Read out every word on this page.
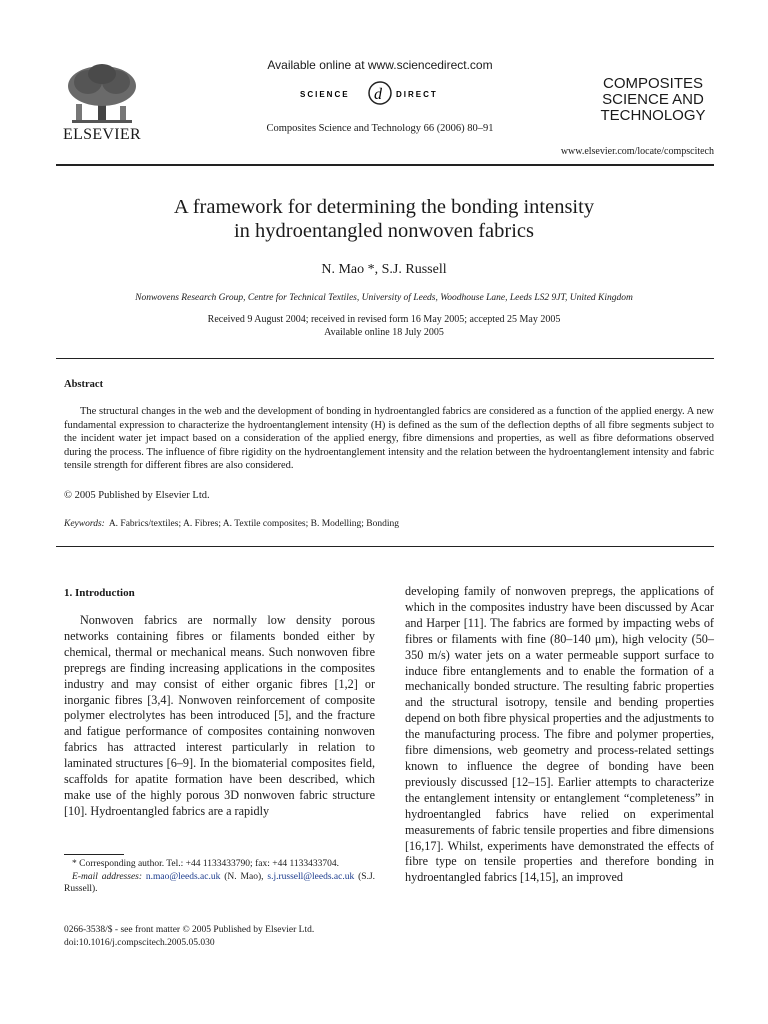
ELSEVIER
Available online at www.sciencedirect.com
SCIENCE d DIRECT
Composites Science and Technology 66 (2006) 80–91
COMPOSITES
SCIENCE AND
TECHNOLOGY
www.elsevier.com/locate/compscitech
A framework for determining the bonding intensity
in hydroentangled nonwoven fabrics
N. Mao *, S.J. Russell
Nonwovens Research Group, Centre for Technical Textiles, University of Leeds, Woodhouse Lane, Leeds LS2 9JT, United Kingdom
Received 9 August 2004; received in revised form 16 May 2005; accepted 25 May 2005
Available online 18 July 2005
Abstract

The structural changes in the web and the development of bonding in hydroentangled fabrics are considered as a function of the applied energy. A new fundamental expression to characterize the hydroentanglement intensity (H) is defined as the sum of the deflection depths of all fibre segments subject to the incident water jet impact based on a consideration of the applied energy, fibre dimensions and properties, as well as fibre deformations observed during the process. The influence of fibre rigidity on the hydroentanglement intensity and the relation between the hydroentanglement intensity and fabric tensile strength for different fibres are also considered.

© 2005 Published by Elsevier Ltd.
Keywords: A. Fabrics/textiles; A. Fibres; A. Textile composites; B. Modelling; Bonding
1. Introduction

Nonwoven fabrics are normally low density porous networks containing fibres or filaments bonded either by chemical, thermal or mechanical means. Such nonwoven fibre prepregs are finding increasing applications in the composites industry and may consist of either organic fibres [1,2] or inorganic fibres [3,4]. Nonwoven reinforcement of composite polymer electrolytes has been introduced [5], and the fracture and fatigue performance of composites containing nonwoven fabrics has attracted interest particularly in relation to laminated structures [6–9]. In the biomaterial composites field, scaffolds for apatite formation have been described, which make use of the highly porous 3D nonwoven fabric structure [10]. Hydroentangled fabrics are a rapidly

developing family of nonwoven prepregs, the applications of which in the composites industry have been discussed by Acar and Harper [11]. The fabrics are formed by impacting webs of fibres or filaments with fine (80–140 μm), high velocity (50–350 m/s) water jets on a water permeable support surface to induce fibre entanglements and to enable the formation of a mechanically bonded structure. The resulting fabric properties and the structural isotropy, tensile and bending properties depend on both fibre physical properties and the adjustments to the manufacturing process. The fibre and polymer properties, fibre dimensions, web geometry and process-related settings known to influence the degree of bonding have been previously discussed [12–15]. Earlier attempts to characterize the entanglement intensity or entanglement “completeness” in hydroentangled fabrics have relied on experimental measurements of fabric tensile properties and fibre dimensions [16,17]. Whilst, experiments have demonstrated the effects of fibre type on tensile properties and therefore bonding in hydroentangled fabrics [14,15], an improved

* Corresponding author. Tel.: +44 1133433790; fax: +44 1133433704.

E-mail addresses: n.mao@leeds.ac.uk (N. Mao), s.j.russell@leeds.ac.uk (S.J. Russell).

0266-3538/$ - see front matter © 2005 Published by Elsevier Ltd.
doi:10.1016/j.compscitech.2005.05.030
